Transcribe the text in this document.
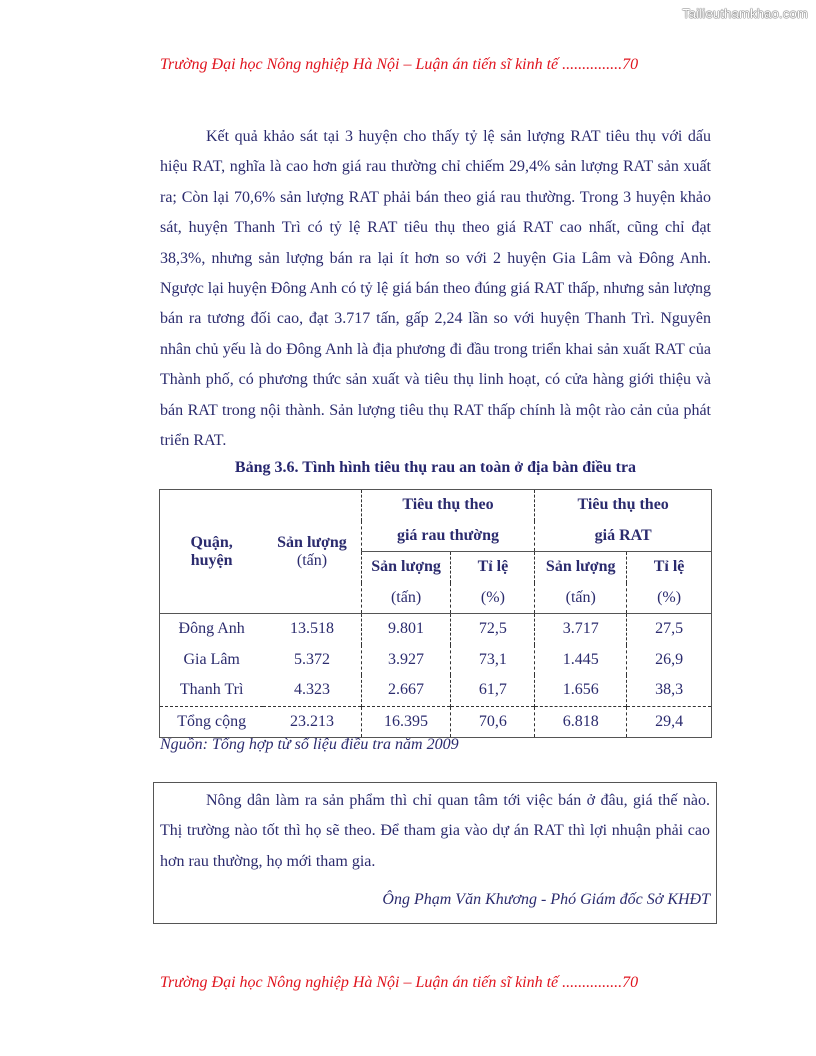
Tailieuthamkhao.com
Trường Đại học Nông nghiệp Hà Nội – Luận án tiến sĩ kinh tế ...............70

Kết quả khảo sát tại 3 huyện cho thấy tỷ lệ sản lượng RAT tiêu thụ với dấu hiệu RAT, nghĩa là cao hơn giá rau thường chỉ chiếm 29,4% sản lượng RAT sản xuất ra; Còn lại 70,6% sản lượng RAT phải bán theo giá rau thường. Trong 3 huyện khảo sát, huyện Thanh Trì có tỷ lệ RAT tiêu thụ theo giá RAT cao nhất, cũng chỉ đạt 38,3%, nhưng sản lượng bán ra lại ít hơn so với 2 huyện Gia Lâm và Đông Anh. Ngược lại huyện Đông Anh có tỷ lệ giá bán theo đúng giá RAT thấp, nhưng sản lượng bán ra tương đối cao, đạt 3.717 tấn, gấp 2,24 lần so với huyện Thanh Trì. Nguyên nhân chủ yếu là do Đông Anh là địa phương đi đầu trong triển khai sản xuất RAT của Thành phố, có phương thức sản xuất và tiêu thụ linh hoạt, có cửa hàng giới thiệu và bán RAT trong nội thành. Sản lượng tiêu thụ RAT thấp chính là một rào cản của phát triển RAT.

Bảng 3.6. Tình hình tiêu thụ rau an toàn ở địa bàn điều tra
Quận,	Sản lượng	Tiêu thụ theo		Tiêu thụ theo	
		giá rau thường		giá RAT	
huyện	(tấn)	Sản lượng	Tỉ lệ	Sản lượng	Tỉ lệ
		(tấn)	(%)	(tấn)	(%)
Đông Anh	13.518	9.801	72,5	3.717	27,5
Gia Lâm	5.372	3.927	73,1	1.445	26,9
Thanh Trì	4.323	2.667	61,7	1.656	38,3
Tổng cộng	23.213	16.395	70,6	6.818	29,4
Nguồn: Tổng hợp từ số liệu điều tra năm 2009

Nông dân làm ra sản phẩm thì chỉ quan tâm tới việc bán ở đâu, giá thế nào. Thị trường nào tốt thì họ sẽ theo. Để tham gia vào dự án RAT thì lợi nhuận phải cao hơn rau thường, họ mới tham gia.

Ông Phạm Văn Khương - Phó Giám đốc Sở KHĐT
Trường Đại học Nông nghiệp Hà Nội – Luận án tiến sĩ kinh tế ...............70
